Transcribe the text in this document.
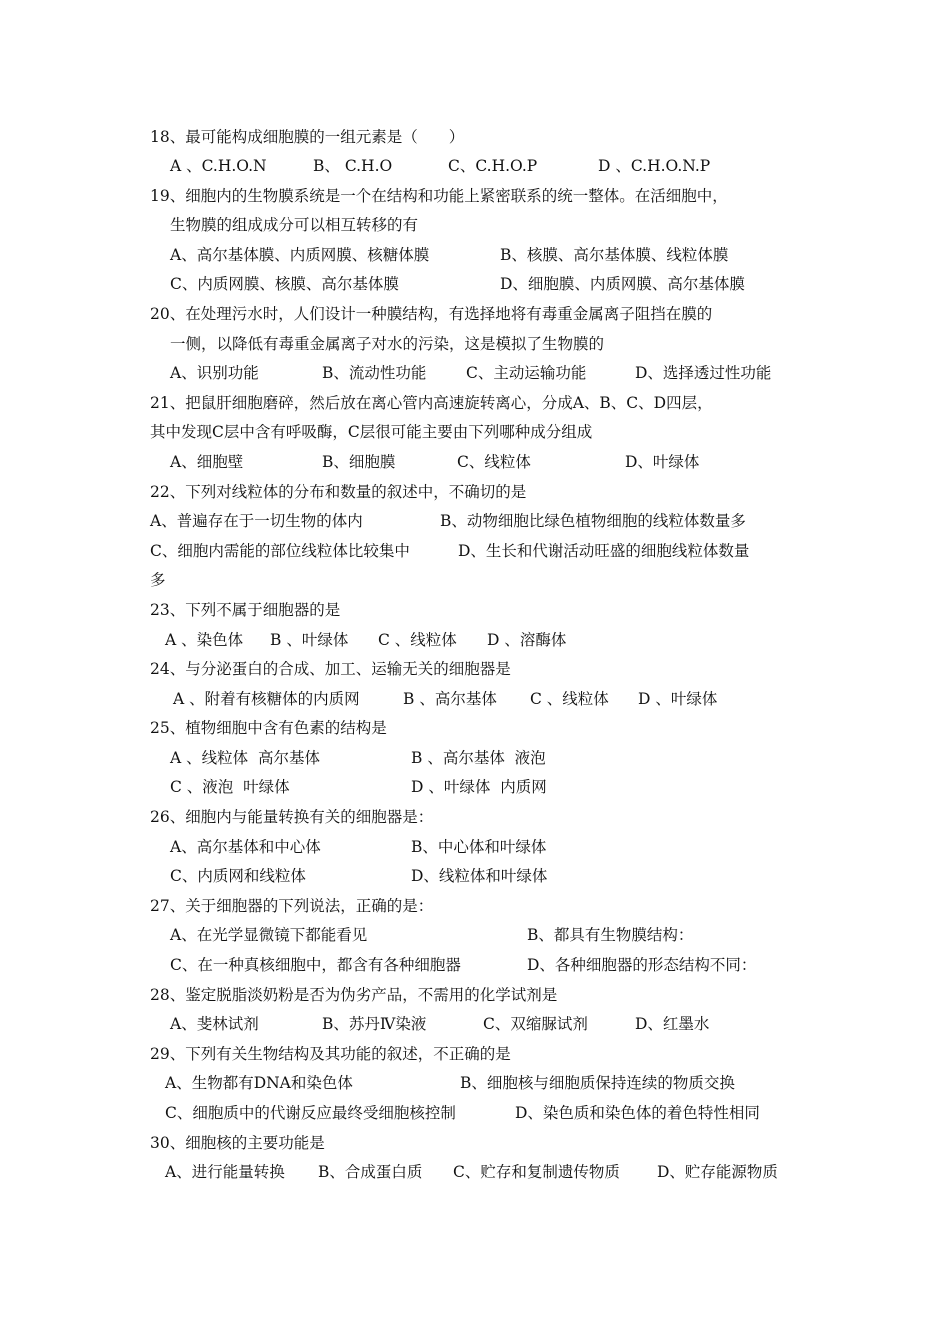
18、最可能构成细胞膜的一组元素是（　　）
A 、C.H.O.N	B、 C.H.O	C、C.H.O.P	D 、C.H.O.N.P
19、细胞内的生物膜系统是一个在结构和功能上紧密联系的统一整体。在活细胞中，
生物膜的组成成分可以相互转移的有
A、高尔基体膜、内质网膜、核糖体膜	B、核膜、高尔基体膜、线粒体膜
C、内质网膜、核膜、高尔基体膜	D、细胞膜、内质网膜、高尔基体膜
20、在处理污水时，人们设计一种膜结构，有选择地将有毒重金属离子阻挡在膜的
一侧，以降低有毒重金属离子对水的污染，这是模拟了生物膜的
A、识别功能	B、流动性功能	C、主动运输功能	D、选择透过性功能
21、把鼠肝细胞磨碎，然后放在离心管内高速旋转离心，分成A、B、C、D四层，
其中发现C层中含有呼吸酶，C层很可能主要由下列哪种成分组成
A、细胞壁	B、细胞膜	C、线粒体	D、叶绿体
22、下列对线粒体的分布和数量的叙述中，不确切的是
A、普遍存在于一切生物的体内	B、动物细胞比绿色植物细胞的线粒体数量多
C、细胞内需能的部位线粒体比较集中	D、生长和代谢活动旺盛的细胞线粒体数量
多
23、下列不属于细胞器的是
A 、染色体 B 、叶绿体 C 、线粒体 D 、溶酶体
24、与分泌蛋白的合成、加工、运输无关的细胞器是
A 、附着有核糖体的内质网	B 、高尔基体 C 、线粒体 D 、叶绿体
25、植物细胞中含有色素的结构是
A 、线粒体  高尔基体	B 、高尔基体  液泡
C 、液泡  叶绿体	D 、叶绿体  内质网
26、细胞内与能量转换有关的细胞器是：
A、高尔基体和中心体	B、中心体和叶绿体
C、内质网和线粒体	D、线粒体和叶绿体
27、关于细胞器的下列说法，正确的是：
A、在光学显微镜下都能看见	B、都具有生物膜结构：
C、在一种真核细胞中，都含有各种细胞器	D、各种细胞器的形态结构不同：
28、鉴定脱脂淡奶粉是否为伪劣产品，不需用的化学试剂是
A、斐林试剂	B、苏丹Ⅳ染液	C、双缩脲试剂	D、红墨水
29、下列有关生物结构及其功能的叙述，不正确的是
A、生物都有DNA和染色体	B、细胞核与细胞质保持连续的物质交换
C、细胞质中的代谢反应最终受细胞核控制	D、染色质和染色体的着色特性相同
30、细胞核的主要功能是
A、进行能量转换 B、合成蛋白质 C、贮存和复制遗传物质 D、贮存能源物质
